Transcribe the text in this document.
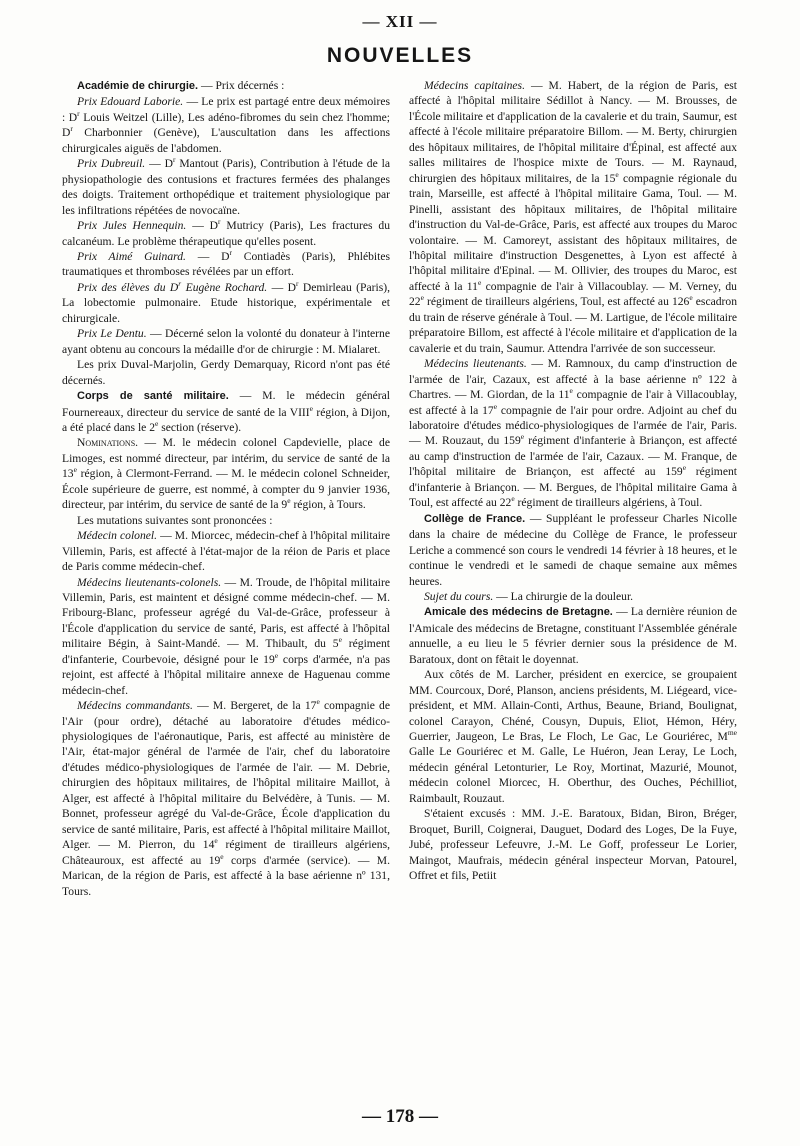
— XII —
NOUVELLES

Académie de chirurgie. — Prix décernés :

Prix Edouard Laborie. — Le prix est partagé entre deux mémoires : $D^r$ Louis Weitzel (Lille), Les adéno-fibromes du sein chez l'homme; $D^r$ Charbonnier (Genève), L'auscultation dans les affections chirurgicales aiguës de l'abdomen.

Prix Dubreuil. — $D^r$ Mantout (Paris), Contribution à l'étude de la physiopathologie des contusions et fractures fermées des phalanges des doigts. Traitement orthopédique et traitement physiologique par les infiltrations répétées de novocaïne.

Prix Jules Hennequin. — $D^r$ Mutricy (Paris), Les fractures du calcanéum. Le problème thérapeutique qu'elles posent.

Prix Aimé Guinard. — $D^r$ Contiadès (Paris), Phlébites traumatiques et thromboses révélées par un effort.

Prix des élèves du $D^r$ Eugène Rochard. — $D^r$ Demirleau (Paris), La lobectomie pulmonaire. Etude historique, expérimentale et chirurgicale.

Prix Le Dentu. — Décerné selon la volonté du donateur à l'interne ayant obtenu au concours la médaille d'or de chirurgie : M. Mialaret.

Les prix Duval-Marjolin, Gerdy Demarquay, Ricord n'ont pas été décernés.

Corps de santé militaire. — M. le médecin général Fournereaux, directeur du service de santé de la VIIIe région, à Dijon, a été placé dans le 2e section (réserve).

Nominations. — M. le médecin colonel Capdevielle, place de Limoges, est nommé directeur, par intérim, du service de santé de la 13e région, à Clermont-Ferrand. — M. le médecin colonel Schneider, École supérieure de guerre, est nommé, à compter du 9 janvier 1936, directeur, par intérim, du service de santé de la 9e région, à Tours.

Les mutations suivantes sont prononcées :

Médecin colonel. — M. Miorcec, médecin-chef à l'hôpital militaire Villemin, Paris, est affecté à l'état-major de la réion de Paris et place de Paris comme médecin-chef.

Médecins lieutenants-colonels. — M. Troude, de l'hôpital militaire Villemin, Paris, est maintent et désigné comme médecin-chef. — M. Fribourg-Blanc, professeur agrégé du Val-de-Grâce, professeur à l'École d'application du service de santé, Paris, est affecté à l'hôpital militaire Bégin, à Saint-Mandé. — M. Thibault, du 5e régiment d'infanterie, Courbevoie, désigné pour le 19e corps d'armée, n'a pas rejoint, est affecté à l'hôpital militaire annexe de Haguenau comme médecin-chef.

Médecins commandants. — M. Bergeret, de la 17e compagnie de l'Air (pour ordre), détaché au laboratoire d'études médico-physiologiques de l'aéronautique, Paris, est affecté au ministère de l'Air, état-major général de l'armée de l'air, chef du laboratoire d'études médico-physiologiques de l'armée de l'air. — M. Debrie, chirurgien des hôpitaux militaires, de l'hôpital militaire Maillot, à Alger, est affecté à l'hôpital militaire du Belvédère, à Tunis. — M. Bonnet, professeur agrégé du Val-de-Grâce, École d'application du service de santé militaire, Paris, est affecté à l'hôpital militaire Maillot, Alger. — M. Pierron, du 14e régiment de tirailleurs algériens, Châteauroux, est affecté au 19e corps d'armée (service). — M. Marican, de la région de Paris, est affecté à la base aérienne nº 131, Tours.

Médecins capitaines. — M. Habert, de la région de Paris, est affecté à l'hôpital militaire Sédillot à Nancy. — M. Brousses, de l'École militaire et d'application de la cavalerie et du train, Saumur, est affecté à l'école militaire préparatoire Billom. — M. Berty, chirurgien des hôpitaux militaires, de l'hôpital militaire d'Épinal, est affecté aux salles militaires de l'hospice mixte de Tours. — M. Raynaud, chirurgien des hôpitaux militaires, de la 15e compagnie régionale du train, Marseille, est affecté à l'hôpital militaire Gama, Toul. — M. Pinelli, assistant des hôpitaux militaires, de l'hôpital militaire d'instruction du Val-de-Grâce, Paris, est affecté aux troupes du Maroc volontaire. — M. Camoreyt, assistant des hôpitaux militaires, de l'hôpital militaire d'instruction Desgenettes, à Lyon est affecté à l'hôpital militaire d'Epinal. — M. Ollivier, des troupes du Maroc, est affecté à la 11e compagnie de l'air à Villacoublay. — M. Verney, du 22e régiment de tirailleurs algériens, Toul, est affecté au 126e escadron du train de réserve générale à Toul. — M. Lartigue, de l'école militaire préparatoire Billom, est affecté à l'école militaire et d'application de la cavalerie et du train, Saumur. Attendra l'arrivée de son successeur.

Médecins lieutenants. — M. Ramnoux, du camp d'instruction de l'armée de l'air, Cazaux, est affecté à la base aérienne nº 122 à Chartres. — M. Giordan, de la 11e compagnie de l'air à Villacoublay, est affecté à la 17e compagnie de l'air pour ordre. Adjoint au chef du laboratoire d'études médico-physiologiques de l'armée de l'air, Paris. — M. Rouzaut, du 159e régiment d'infanterie à Briançon, est affecté au camp d'instruction de l'armée de l'air, Cazaux. — M. Franque, de l'hôpital militaire de Briançon, est affecté au 159e régiment d'infanterie à Briançon. — M. Bergues, de l'hôpital militaire Gama à Toul, est affecté au 22e régiment de tirailleurs algériens, à Toul.

Collège de France. — Suppléant le professeur Charles Nicolle dans la chaire de médecine du Collège de France, le professeur Leriche a commencé son cours le vendredi 14 février à 18 heures, et le continue le vendredi et le samedi de chaque semaine aux mêmes heures.

Sujet du cours. — La chirurgie de la douleur.

Amicale des médecins de Bretagne. — La dernière réunion de l'Amicale des médecins de Bretagne, constituant l'Assemblée générale annuelle, a eu lieu le 5 février dernier sous la présidence de M. Baratoux, dont on fêtait le doyennat.

Aux côtés de M. Larcher, président en exercice, se groupaient MM. Courcoux, Doré, Planson, anciens présidents, M. Liégeard, vice-président, et MM. Allain-Conti, Arthus, Beaune, Briand, Boulignat, colonel Carayon, Chéné, Cousyn, Dupuis, Eliot, Hémon, Héry, Guerrier, Jaugeon, Le Bras, Le Floch, Le Gac, Le Gouriérec, $M^{me}$ Galle Le Gouriérec et M. Galle, Le Huéron, Jean Leray, Le Loch, médecin général Letonturier, Le Roy, Mortinat, Mazurié, Mounot, médecin colonel Miorcec, H. Oberthur, des Ouches, Péchilliot, Raimbault, Rouzaut.

S'étaient excusés : MM. J.-E. Baratoux, Bidan, Biron, Bréger, Broquet, Burill, Coignerai, Dauguet, Dodard des Loges, De la Fuye, Jubé, professeur Lefeuvre, J.-M. Le Goff, professeur Le Lorier, Maingot, Maufrais, médecin général inspecteur Morvan, Patourel, Offret et fils, Petiit

— 178 —
